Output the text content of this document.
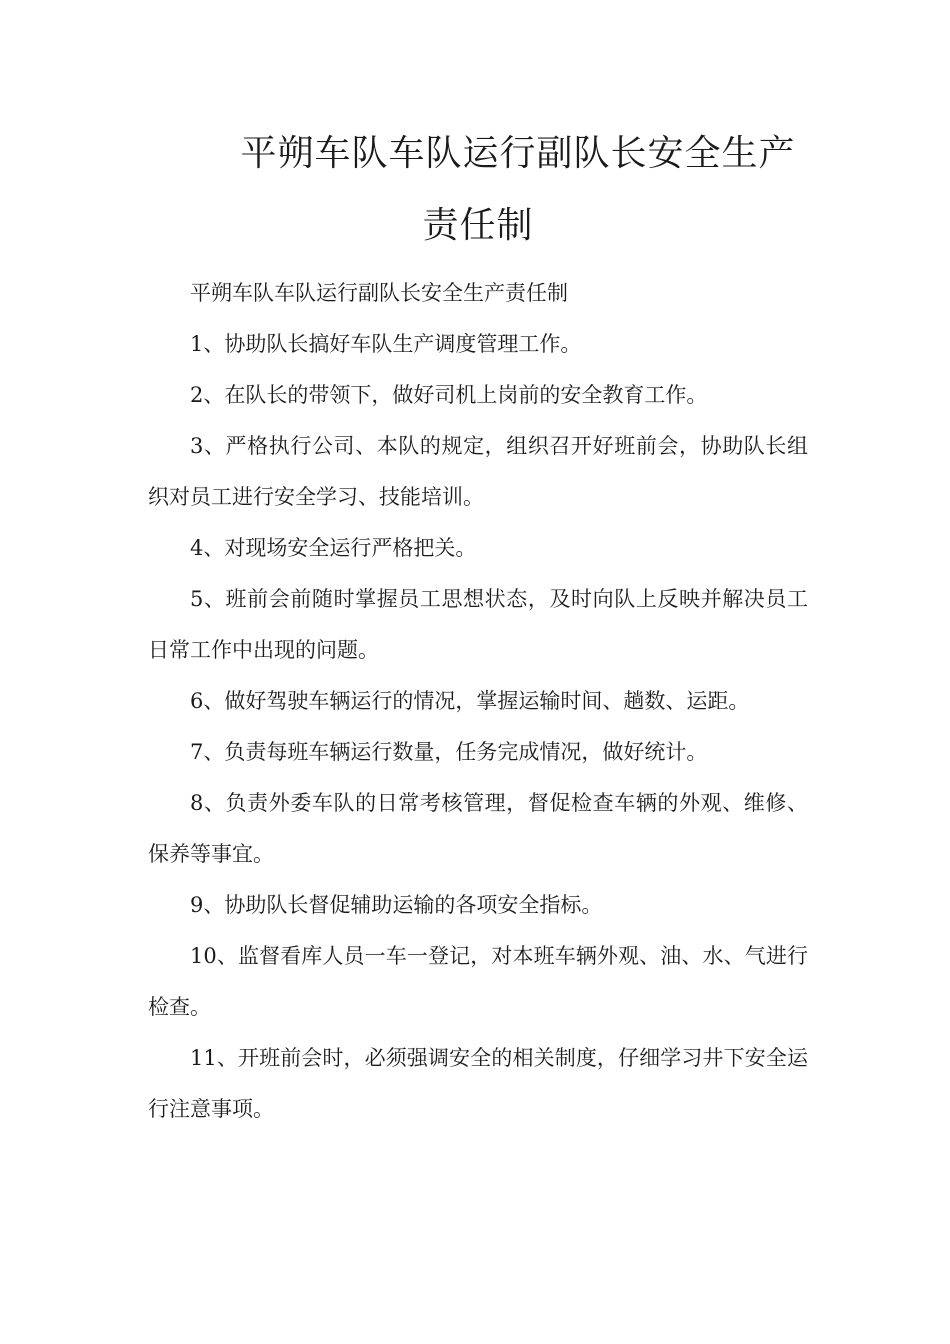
平朔车队车队运行副队长安全生产责任制

平朔车队车队运行副队长安全生产责任制

1、协助队长搞好车队生产调度管理工作。

2、在队长的带领下，做好司机上岗前的安全教育工作。

3、严格执行公司、本队的规定，组织召开好班前会，协助队长组织对员工进行安全学习、技能培训。

4、对现场安全运行严格把关。

5、班前会前随时掌握员工思想状态，及时向队上反映并解决员工日常工作中出现的问题。

6、做好驾驶车辆运行的情况，掌握运输时间、趟数、运距。

7、负责每班车辆运行数量，任务完成情况，做好统计。

8、负责外委车队的日常考核管理，督促检查车辆的外观、维修、保养等事宜。

9、协助队长督促辅助运输的各项安全指标。

10、监督看库人员一车一登记，对本班车辆外观、油、水、气进行检查。

11、开班前会时，必须强调安全的相关制度，仔细学习井下安全运行注意事项。
